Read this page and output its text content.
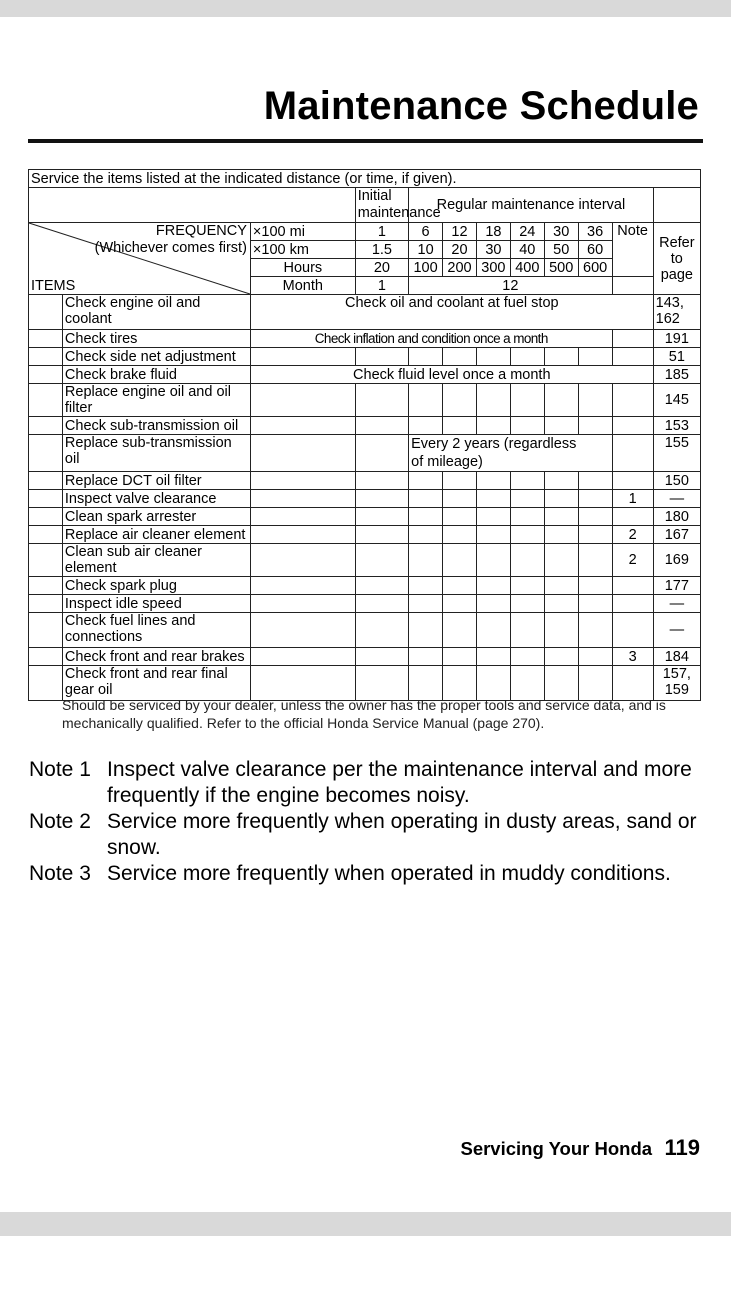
Maintenance Schedule
Service the items listed at the indicated distance (or time, if given).											
			Initial maintenance	Regular maintenance interval							

FREQUENCY
(Whichever comes first)
ITEMS		×100 mi	1	6	12	18	24	30	36	Note	Refer to page
		×100 km	1.5	10	20	30	40	50	60		
		Hours	20	100	200	300	400	500	600		
		Month	1	12							
	Check engine oil and coolant	Check oil and coolant at fuel stop									143, 162
	Check tires	Check inflation and condition once a month									191
	Check side net adjustment										51
	Check brake fluid	Check fluid level once a month									185
	Replace engine oil and oil filter										145
	Check sub-transmission oil										153
	Replace sub-transmission oil			Every 2 years (regardless of mileage)							155
	Replace DCT oil filter										150
	Inspect valve clearance									1	—
	Clean spark arrester										180
	Replace air cleaner element									2	167
	Clean sub air cleaner element									2	169
	Check spark plug										177
	Inspect idle speed										—
	Check fuel lines and connections										—
	Check front and rear brakes									3	184
	Check front and rear final gear oil										157, 159
Should be serviced by your dealer, unless the owner has the proper tools and service data, and is mechanically qualified. Refer to the official Honda Service Manual (page 270).
Note 1 Inspect valve clearance per the maintenance interval and more frequently if the engine becomes noisy.
Note 2 Service more frequently when operating in dusty areas, sand or snow.
Note 3 Service more frequently when operated in muddy conditions.
Servicing Your Honda 119
